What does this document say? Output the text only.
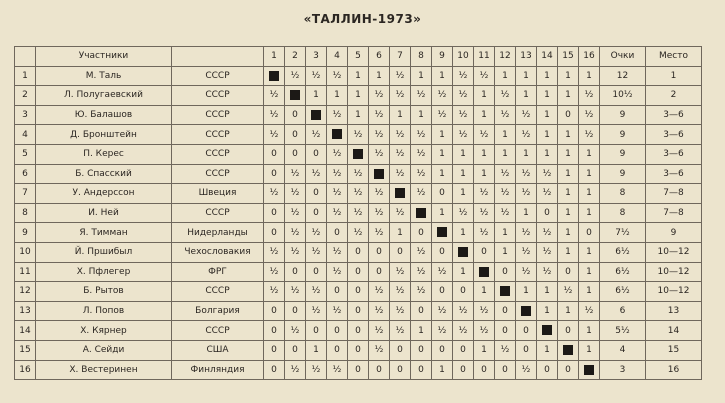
«ТАЛЛИН-1973»
	Участники		1	2	3	4	5	6	7	8	9	10	11	12	13	14	15	16	Очки	Место
1	М. Таль	СССР		½	½	½	1	1	½	1	1	½	½	1	1	1	1	1	12	1
2	Л. Полугаевский	СССР	½		1	1	1	½	½	½	½	½	1	½	1	1	1	½	10½	2
3	Ю. Балашов	СССР	½	0		½	1	½	1	1	½	½	1	½	½	1	0	½	9	3—6
4	Д. Бронштейн	СССР	½	0	½		½	½	½	½	1	½	½	1	½	1	1	½	9	3—6
5	П. Керес	СССР	0	0	0	½		½	½	½	1	1	1	1	1	1	1	1	9	3—6
6	Б. Спасский	СССР	0	½	½	½	½		½	½	1	1	1	½	½	½	1	1	9	3—6
7	У. Андерссон	Швеция	½	½	0	½	½	½		½	0	1	½	½	½	½	1	1	8	7—8
8	И. Ней	СССР	0	½	0	½	½	½	½		1	½	½	½	1	0	1	1	8	7—8
9	Я. Тимман	Нидерланды	0	½	½	0	½	½	1	0		1	½	1	½	½	1	0	7½	9
10	Й. Пршибыл	Чехословакия	½	½	½	½	0	0	0	½	0		0	1	½	½	1	1	6½	10—12
11	Х. Пфлегер	ФРГ	½	0	0	½	0	0	½	½	½	1		0	½	½	0	1	6½	10—12
12	Б. Рытов	СССР	½	½	½	0	0	½	½	½	0	0	1		1	1	½	1	6½	10—12
13	Л. Попов	Болгария	0	0	½	½	0	½	½	0	½	½	½	0		1	1	½	6	13
14	Х. Кярнер	СССР	0	½	0	0	0	½	½	1	½	½	½	0	0		0	1	5½	14
15	А. Сейди	США	0	0	1	0	0	½	0	0	0	0	1	½	0	1		1	4	15
16	Х. Вестеринен	Финляндия	0	½	½	½	0	0	0	0	1	0	0	0	½	0	0		3	16
